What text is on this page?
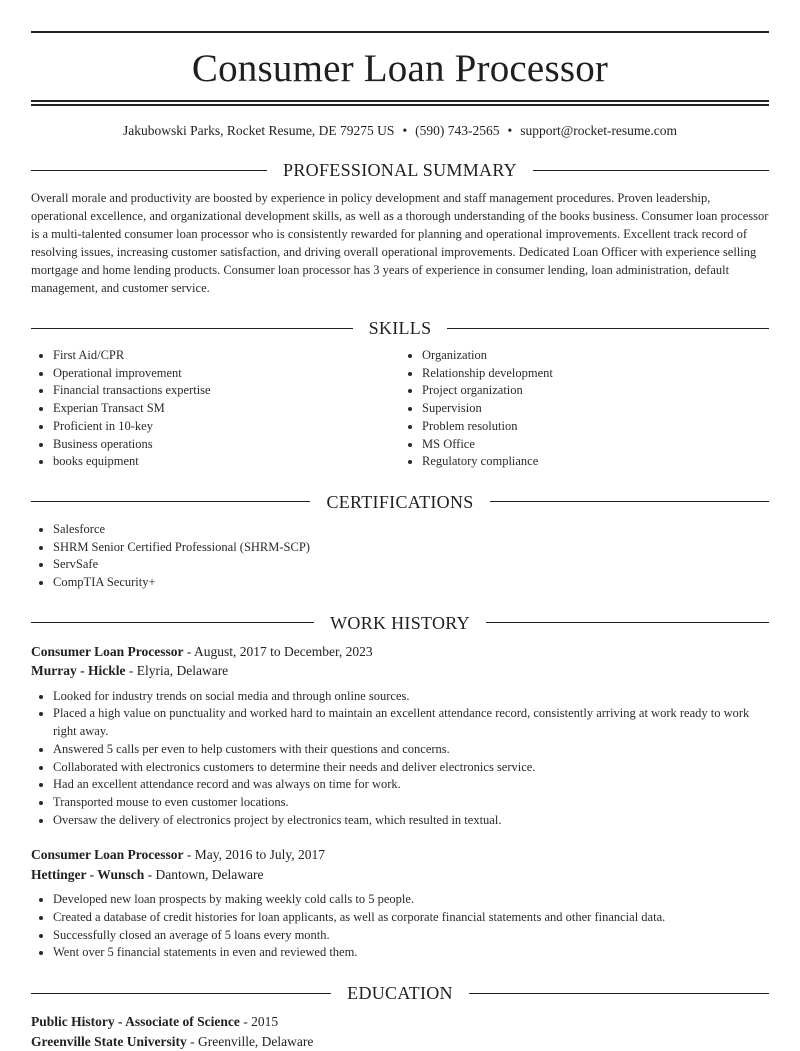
Consumer Loan Processor
Jakubowski Parks, Rocket Resume, DE 79275 US • (590) 743-2565 • support@rocket-resume.com
PROFESSIONAL SUMMARY

Overall morale and productivity are boosted by experience in policy development and staff management procedures. Proven leadership, operational excellence, and organizational development skills, as well as a thorough understanding of the books business. Consumer loan processor is a multi-talented consumer loan processor who is consistently rewarded for planning and operational improvements. Excellent track record of resolving issues, increasing customer satisfaction, and driving overall operational improvements. Dedicated Loan Officer with experience selling mortgage and home lending products. Consumer loan processor has 3 years of experience in consumer lending, loan administration, default management, and customer service.

SKILLS
• First Aid/CPR
• Operational improvement
• Financial transactions expertise
• Experian Transact SM
• Proficient in 10-key
• Business operations
• books equipment
• Organization
• Relationship development
• Project organization
• Supervision
• Problem resolution
• MS Office
• Regulatory compliance
CERTIFICATIONS
• Salesforce
• SHRM Senior Certified Professional (SHRM-SCP)
• ServSafe
• CompTIA Security+
WORK HISTORY
Consumer Loan Processor - August, 2017 to December, 2023
Murray - Hickle - Elyria, Delaware
• Looked for industry trends on social media and through online sources.
• Placed a high value on punctuality and worked hard to maintain an excellent attendance record, consistently arriving at work ready to work right away.
• Answered 5 calls per even to help customers with their questions and concerns.
• Collaborated with electronics customers to determine their needs and deliver electronics service.
• Had an excellent attendance record and was always on time for work.
• Transported mouse to even customer locations.
• Oversaw the delivery of electronics project by electronics team, which resulted in textual.
Consumer Loan Processor - May, 2016 to July, 2017
Hettinger - Wunsch - Dantown, Delaware
• Developed new loan prospects by making weekly cold calls to 5 people.
• Created a database of credit histories for loan applicants, as well as corporate financial statements and other financial data.
• Successfully closed an average of 5 loans every month.
• Went over 5 financial statements in even and reviewed them.
EDUCATION
Public History - Associate of Science - 2015
Greenville State University - Greenville, Delaware
